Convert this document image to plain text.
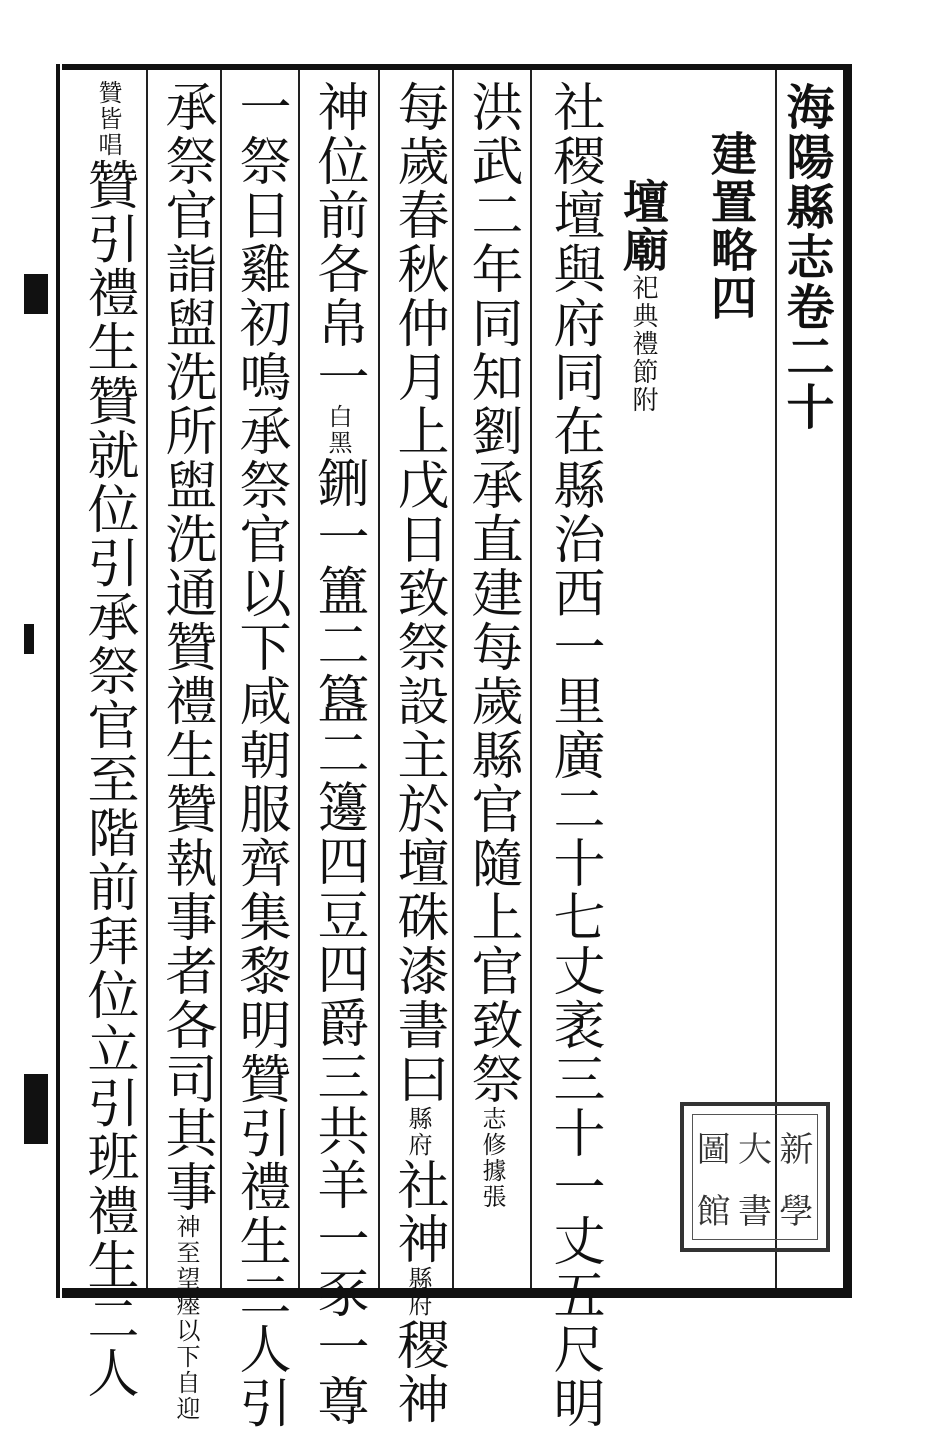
海陽縣志卷二十
建置略四
壇廟祀典禮節附
社稷壇與府同在縣治西一里廣二十七丈袤三十一丈五尺明
洪武二年同知劉承直建每歲縣官隨上官致祭
據張
志修
每歲春秋仲月上戊日致祭設主於壇硃漆書曰
府
縣
社神
府
縣
稷神
神位前各帛一
黑
白
鉶一簠二簋二籩四豆四爵三共羊一豕一尊
一祭日雞初鳴承祭官以下咸朝服齊集黎明贊引禮生二人引
承祭官詣盥洗所盥洗通贊禮生贊執事者各司其事
以下自迎
神至望瘞
皆唱
贊
贊引禮生贊就位引承祭官至階前拜位立引班禮生二人	新
大
圖
館 書 學
